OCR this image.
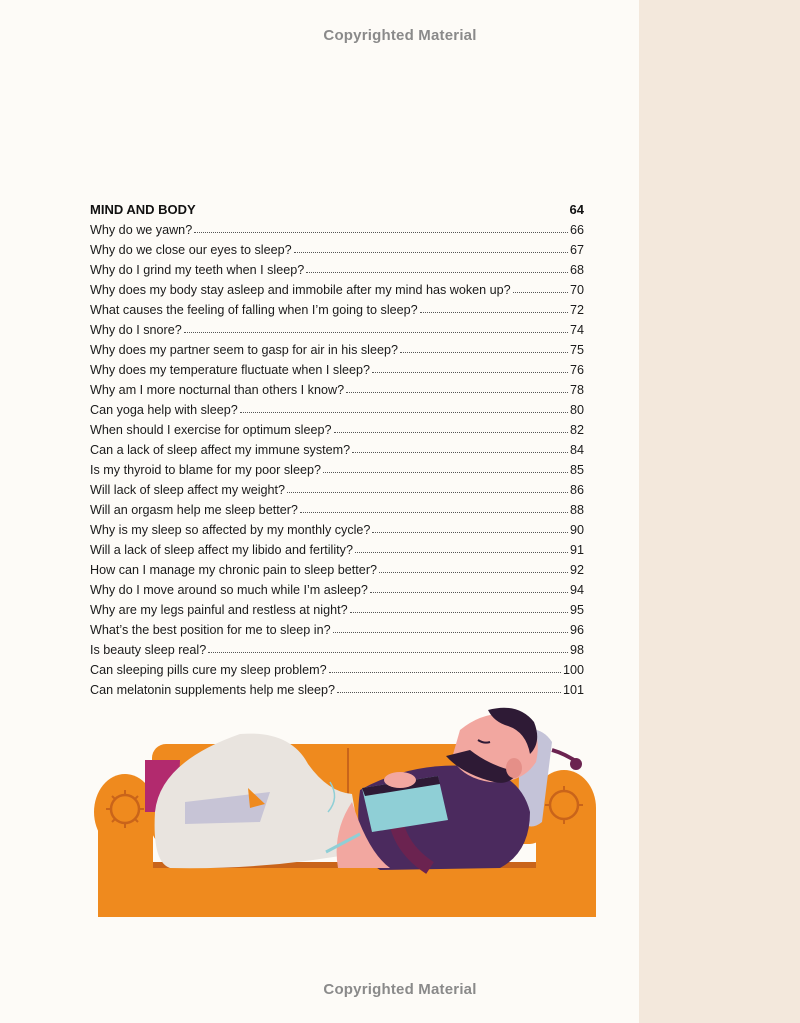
Copyrighted Material
MIND AND BODY	64
Why do we yawn?	66
Why do we close our eyes to sleep?	67
Why do I grind my teeth when I sleep?	68
Why does my body stay asleep and immobile after my mind has woken up?	70
What causes the feeling of falling when I’m going to sleep?	72
Why do I snore?	74
Why does my partner seem to gasp for air in his sleep?	75
Why does my temperature fluctuate when I sleep?	76
Why am I more nocturnal than others I know?	78
Can yoga help with sleep?	80
When should I exercise for optimum sleep?	82
Can a lack of sleep affect my immune system?	84
Is my thyroid to blame for my poor sleep?	85
Will lack of sleep affect my weight?	86
Will an orgasm help me sleep better?	88
Why is my sleep so affected by my monthly cycle?	90
Will a lack of sleep affect my libido and fertility?	91
How can I manage my chronic pain to sleep better?	92
Why do I move around so much while I’m asleep?	94
Why are my legs painful and restless at night?	95
What’s the best position for me to sleep in?	96
Is beauty sleep real?	98
Can sleeping pills cure my sleep problem?	100
Can melatonin supplements help me sleep?	101
Copyrighted Material
